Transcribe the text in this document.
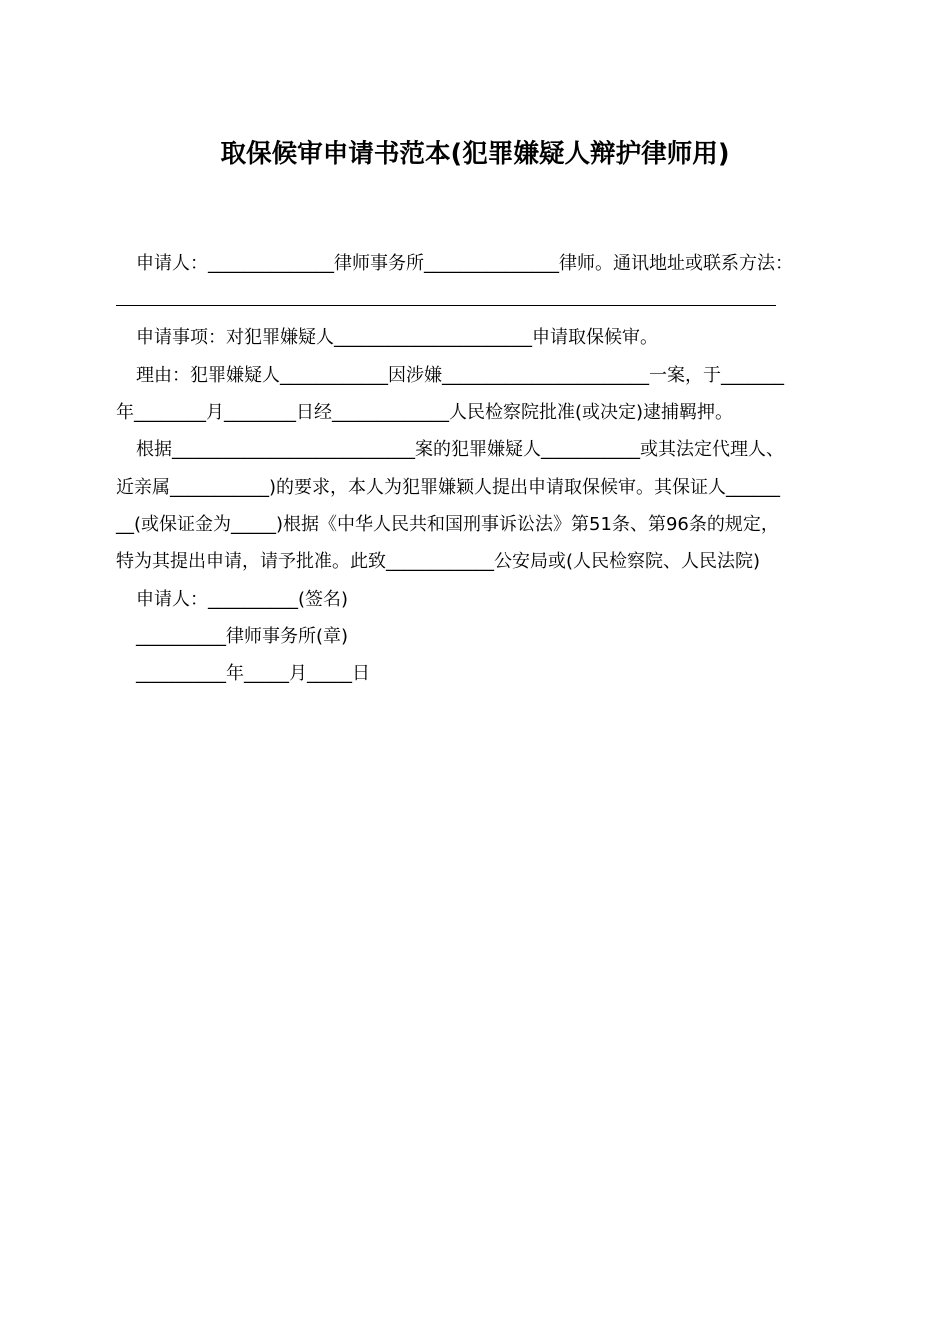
取保候审申请书范本(犯罪嫌疑人辩护律师用)
申请人：______________律师事务所_______________律师。通讯地址或联系方法：
申请事项：对犯罪嫌疑人______________________申请取保候审。
理由：犯罪嫌疑人____________因涉嫌_______________________一案，于_______
年________月________日经_____________人民检察院批准(或决定)逮捕羁押。
根据___________________________案的犯罪嫌疑人___________或其法定代理人、
近亲属___________)的要求，本人为犯罪嫌颖人提出申请取保候审。其保证人______
__(或保证金为_____)根据《中华人民共和国刑事诉讼法》第51条、第96条的规定，
特为其提出申请，请予批准。此致____________公安局或(人民检察院、人民法院)
申请人：__________(签名)
__________律师事务所(章)
__________年_____月_____日
